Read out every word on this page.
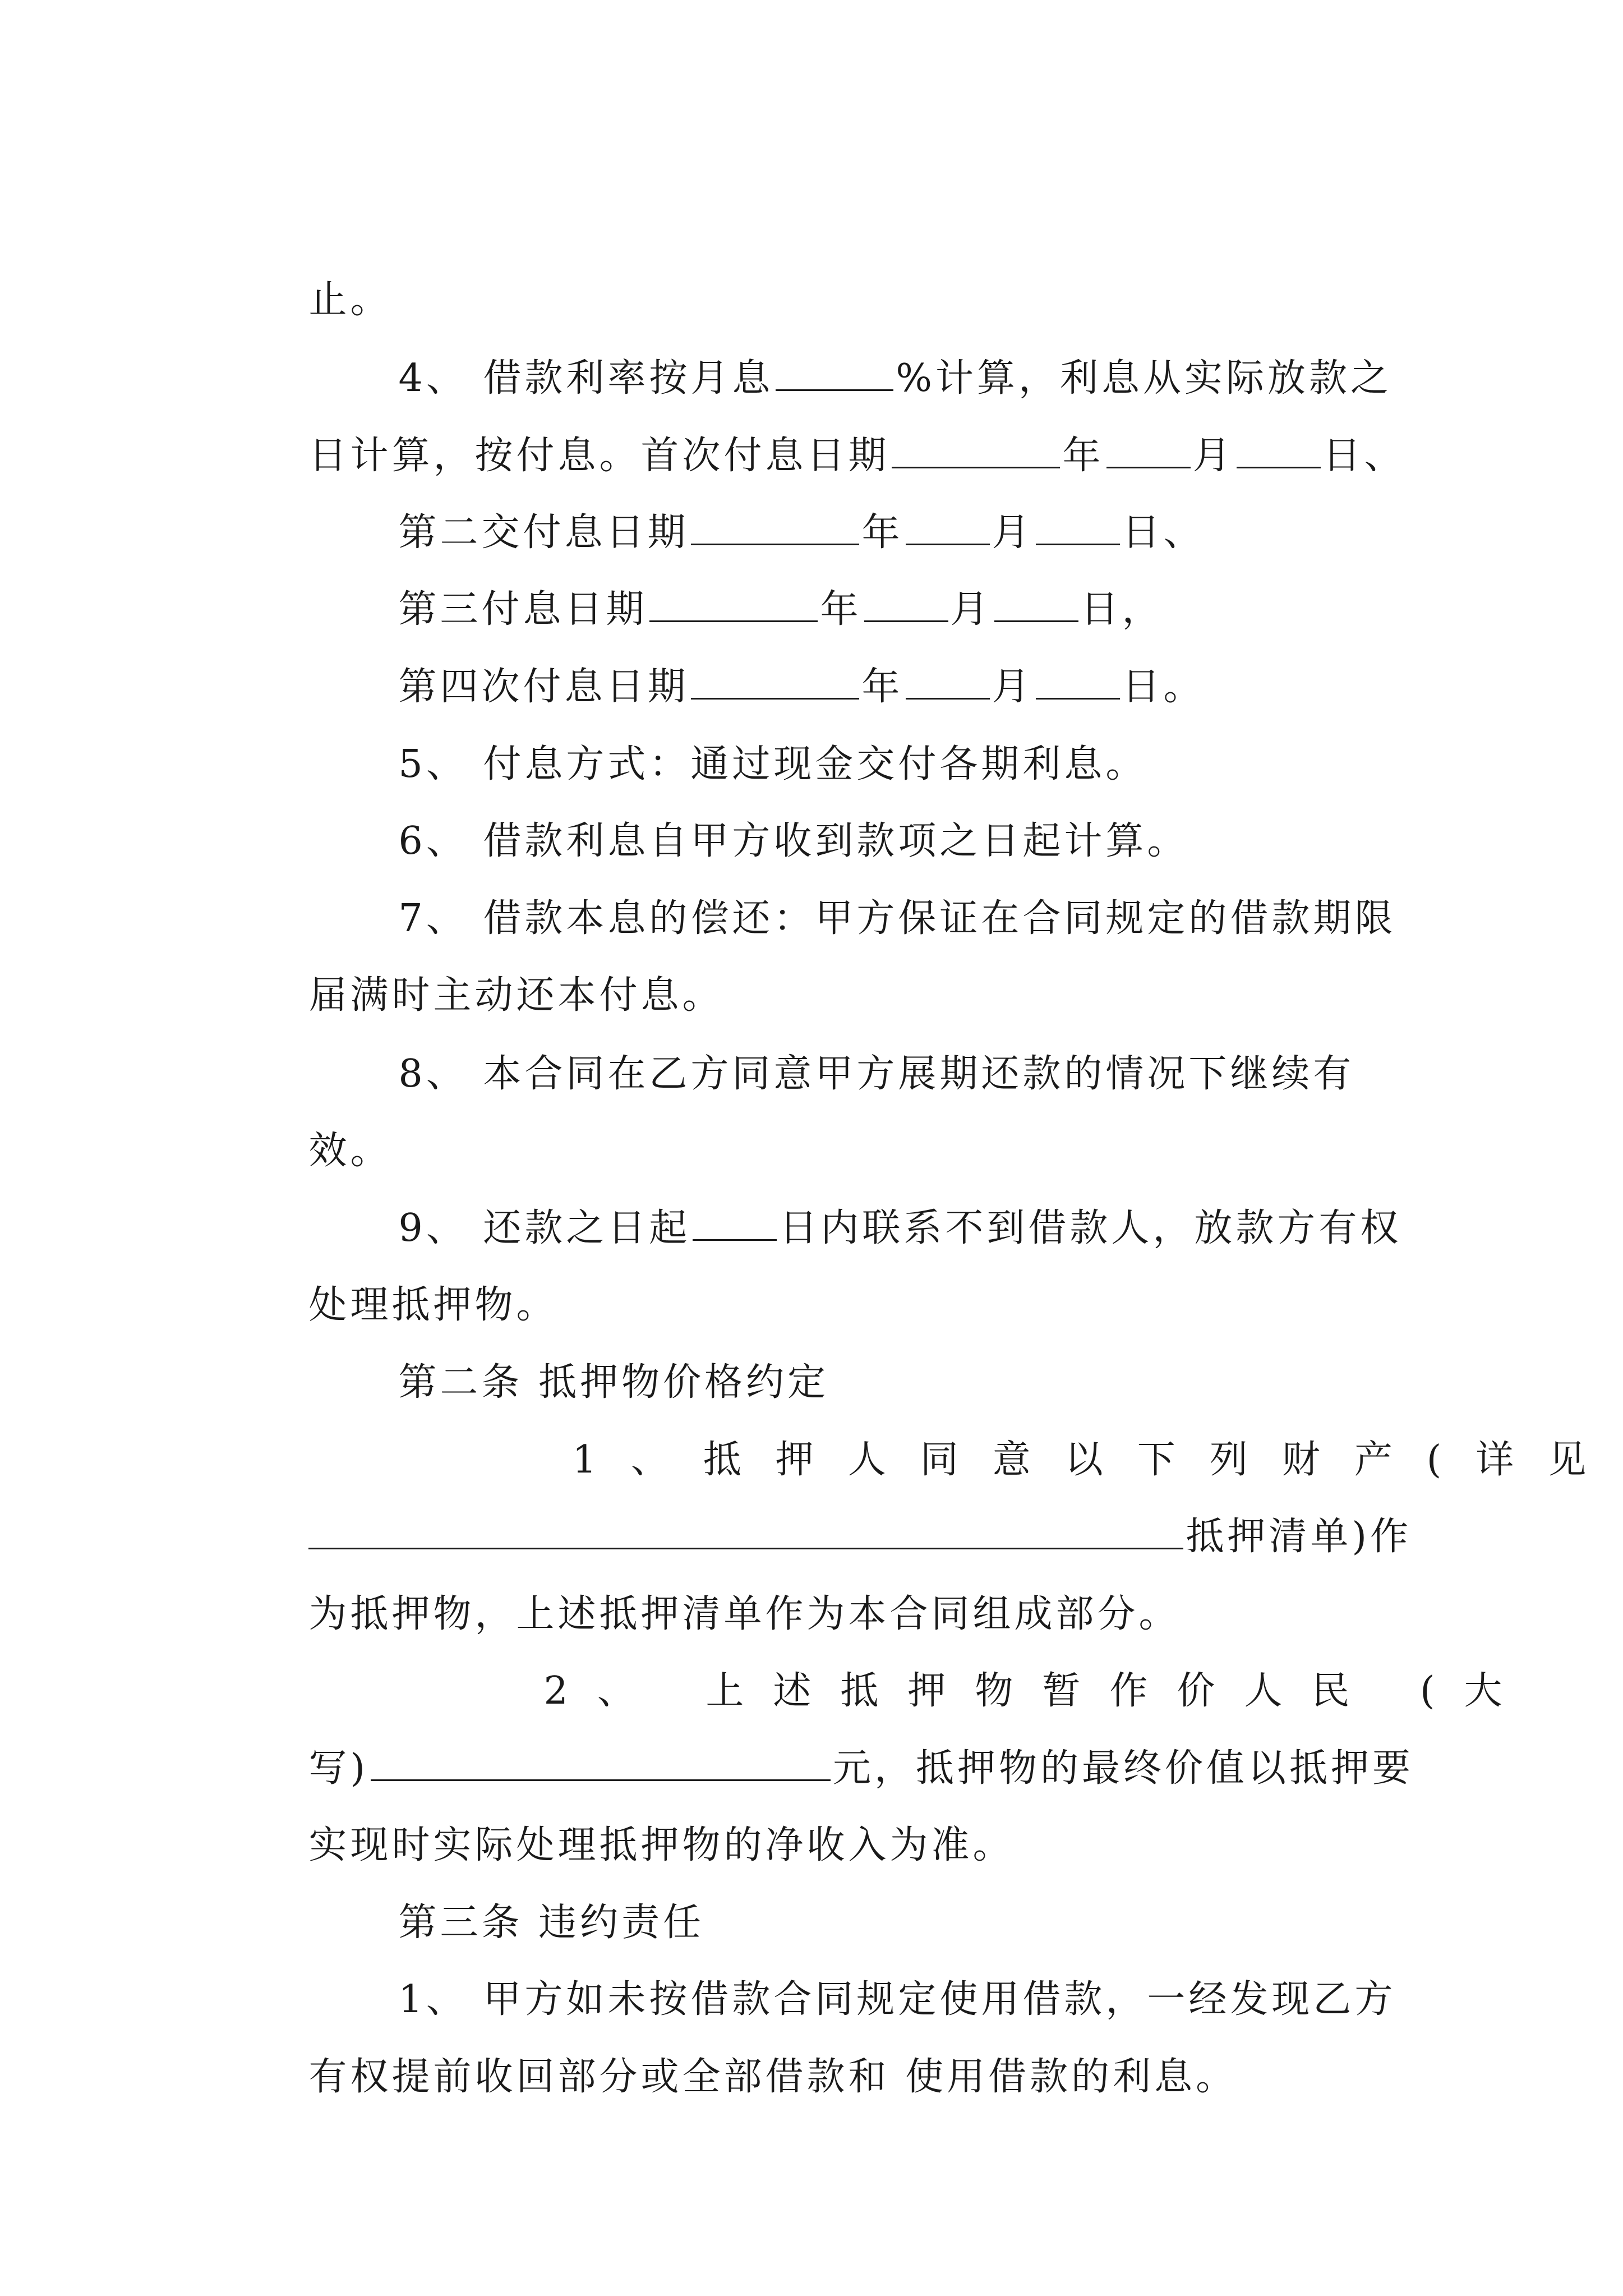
止。

4、 借款利率按月息	%计算，利息从实际放款之

日计算，按付息。首次付息日期	年 月 日、

第二交付息日期	年 月 日、

第三付息日期	年 月 日，

第四次付息日期	年 月 日。

5、 付息方式：通过现金交付各期利息。

6、 借款利息自甲方收到款项之日起计算。

7、 借款本息的偿还：甲方保证在合同规定的借款期限

届满时主动还本付息。

8、 本合同在乙方同意甲方展期还款的情况下继续有

效。

9、 还款之日起 日内联系不到借款人，放款方有权

处理抵押物。

第二条 抵押物价格约定

1、抵押人同意以下列财产(详见

抵押清单)作

为抵押物，上述抵押清单作为本合同组成部分。

2、 上述抵押物暂作价人民 (大

写)	元，抵押物的最终价值以抵押要

实现时实际处理抵押物的净收入为准。

第三条 违约责任

1、 甲方如未按借款合同规定使用借款，一经发现乙方

有权提前收回部分或全部借款和 使用借款的利息。
